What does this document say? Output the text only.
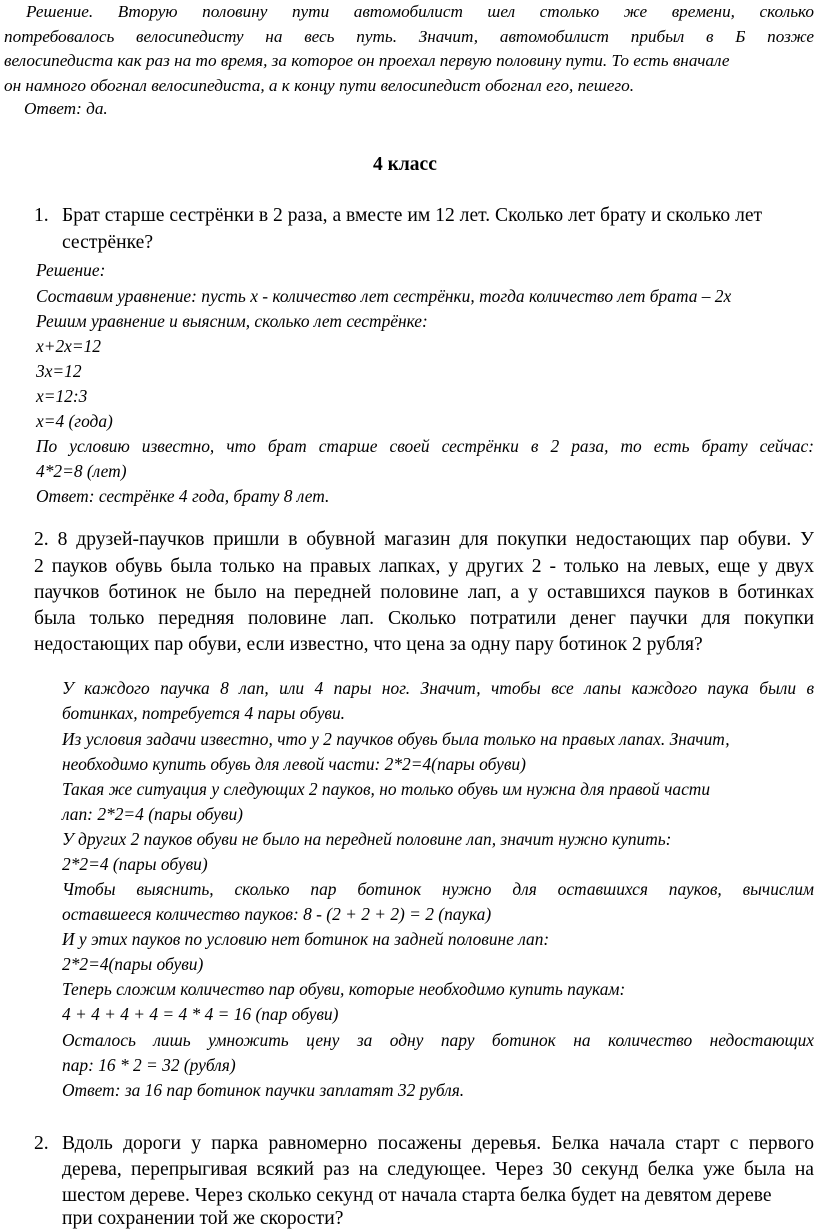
Решение. Вторую половину пути автомобилист шел столько же времени, сколько
потребовалось велосипедисту на весь путь. Значит, автомобилист прибыл в Б позже
велосипедиста как раз на то время, за которое он проехал первую половину пути. То есть вначале
он намного обогнал велосипедиста, а к концу пути велосипедист обогнал его, пешего.
Ответ: да.
4 класс
1. Брат старше сестрёнки в 2 раза, а вместе им 12 лет. Сколько лет брату и сколько лет
сестрёнке?
Решение:
Составим уравнение: пусть х - количество лет сестрёнки, тогда количество лет брата – 2х
Решим уравнение и выясним, сколько лет сестрёнке:
х+2х=12
3х=12
х=12:3
х=4 (года)
По условию известно, что брат старше своей сестрёнки в 2 раза, то есть брату сейчас:
4*2=8 (лет)
Ответ: сестрёнке 4 года, брату 8 лет.
2. 8 друзей-паучков пришли в обувной магазин для покупки недостающих пар обуви. У
2 пауков обувь была только на правых лапках, у других 2 - только на левых, еще у двух
паучков ботинок не было на передней половине лап, а у оставшихся пауков в ботинках
была только передняя половине лап. Сколько потратили денег паучки для покупки
недостающих пар обуви, если известно, что цена за одну пару ботинок 2 рубля?
У каждого паучка 8 лап, или 4 пары ног. Значит, чтобы все лапы каждого паука были в
ботинках, потребуется 4 пары обуви.
Из условия задачи известно, что у 2 паучков обувь была только на правых лапах. Значит,
необходимо купить обувь для левой части: 2*2=4(пары обуви)
Такая же ситуация у следующих 2 пауков, но только обувь им нужна для правой части
лап: 2*2=4 (пары обуви)
У других 2 пауков обуви не было на передней половине лап, значит нужно купить:
2*2=4 (пары обуви)
Чтобы выяснить, сколько пар ботинок нужно для оставшихся пауков, вычислим
оставшееся количество пауков: 8 - (2 + 2 + 2) = 2 (паука)
И у этих пауков по условию нет ботинок на задней половине лап:
2*2=4(пары обуви)
Теперь сложим количество пар обуви, которые необходимо купить паукам:
4 + 4 + 4 + 4 = 4 * 4 = 16 (пар обуви)
Осталось лишь умножить цену за одну пару ботинок на количество недостающих
пар: 16 * 2 = 32 (рубля)
Ответ: за 16 пар ботинок паучки заплатят 32 рубля.
2. Вдоль дороги у парка равномерно посажены деревья. Белка начала старт с первого
дерева, перепрыгивая всякий раз на следующее. Через 30 секунд белка уже была на
шестом дереве. Через сколько секунд от начала старта белка будет на девятом дереве
при сохранении той же скорости?
